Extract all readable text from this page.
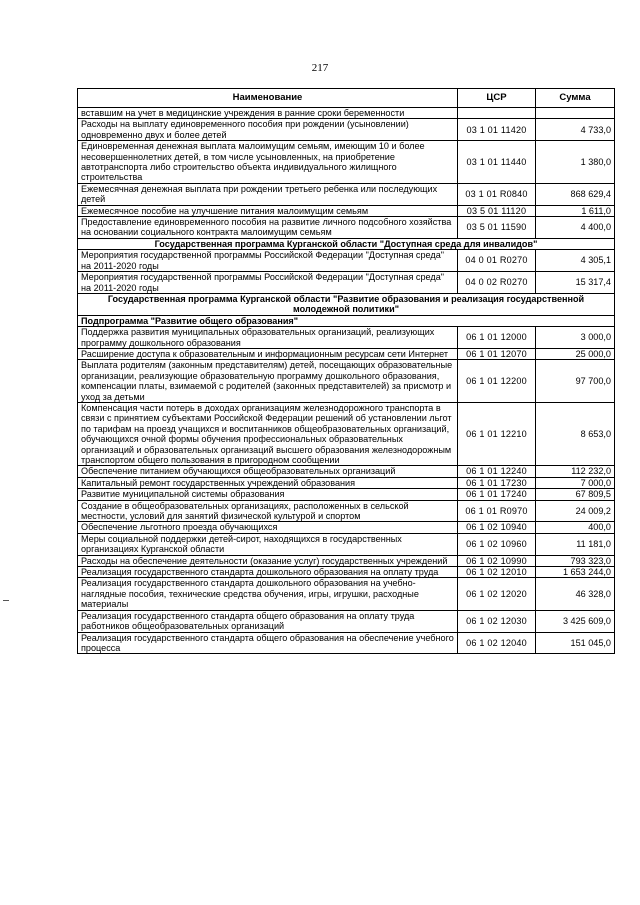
217
Наименование	ЦСР	Сумма
вставшим на учет в медицинские учреждения в ранние сроки беременности		
Расходы на выплату единовременного пособия при рождении (усыновлении) одновременно двух и более детей	03 1 01 11420	4 733,0
Единовременная денежная выплата малоимущим семьям, имеющим 10 и более несовершеннолетних детей, в том числе усыновленных, на приобретение автотранспорта либо строительство объекта индивидуального жилищного строительства	03 1 01 11440	1 380,0
Ежемесячная денежная выплата при рождении третьего ребенка или последующих детей	03 1 01 R0840	868 629,4
Ежемесячное пособие на улучшение питания малоимущим семьям	03 5 01 11120	1 611,0
Предоставление единовременного пособия на развитие личного подсобного хозяйства на основании социального контракта малоимущим семьям	03 5 01 11590	4 400,0
Государственная программа Курганской области "Доступная среда для инвалидов"		
Мероприятия государственной программы Российской Федерации "Доступная среда" на 2011-2020 годы	04 0 01 R0270	4 305,1
Мероприятия государственной программы Российской Федерации "Доступная среда" на 2011-2020 годы	04 0 02 R0270	15 317,4
Государственная программа Курганской области "Развитие образования и реализация государственной молодежной политики"		
Подпрограмма "Развитие общего образования"		
Поддержка развития муниципальных образовательных организаций, реализующих программу дошкольного образования	06 1 01 12000	3 000,0
Расширение доступа к образовательным и информационным ресурсам сети Интернет	06 1 01 12070	25 000,0
Выплата родителям (законным представителям) детей, посещающих образовательные организации, реализующие образовательную программу дошкольного образования, компенсации платы, взимаемой с родителей (законных представителей) за присмотр и уход за детьми	06 1 01 12200	97 700,0
Компенсация части потерь в доходах организациям железнодорожного транспорта в связи с принятием субъектами Российской Федерации решений об установлении льгот по тарифам на проезд учащихся и воспитанников общеобразовательных организаций, обучающихся очной формы обучения профессиональных образовательных организаций и образовательных организаций высшего образования железнодорожным транспортом общего пользования в пригородном сообщении	06 1 01 12210	8 653,0
Обеспечение питанием обучающихся общеобразовательных организаций	06 1 01 12240	112 232,0
Капитальный ремонт государственных учреждений образования	06 1 01 17230	7 000,0
Развитие муниципальной системы образования	06 1 01 17240	67 809,5
Создание в общеобразовательных организациях, расположенных в сельской местности, условий для занятий физической культурой и спортом	06 1 01 R0970	24 009,2
Обеспечение льготного проезда обучающихся	06 1 02 10940	400,0
Меры социальной поддержки детей-сирот, находящихся в государственных организациях Курганской области	06 1 02 10960	11 181,0
Расходы на обеспечение деятельности (оказание услуг) государственных учреждений	06 1 02 10990	793 323,0
Реализация государственного стандарта дошкольного образования на оплату труда	06 1 02 12010	1 653 244,0
Реализация государственного стандарта дошкольного образования на учебно-наглядные пособия, технические средства обучения, игры, игрушки, расходные материалы	06 1 02 12020	46 328,0
Реализация государственного стандарта общего образования на оплату труда работников общеобразовательных организаций	06 1 02 12030	3 425 609,0
Реализация государственного стандарта общего образования на обеспечение учебного процесса	06 1 02 12040	151 045,0
